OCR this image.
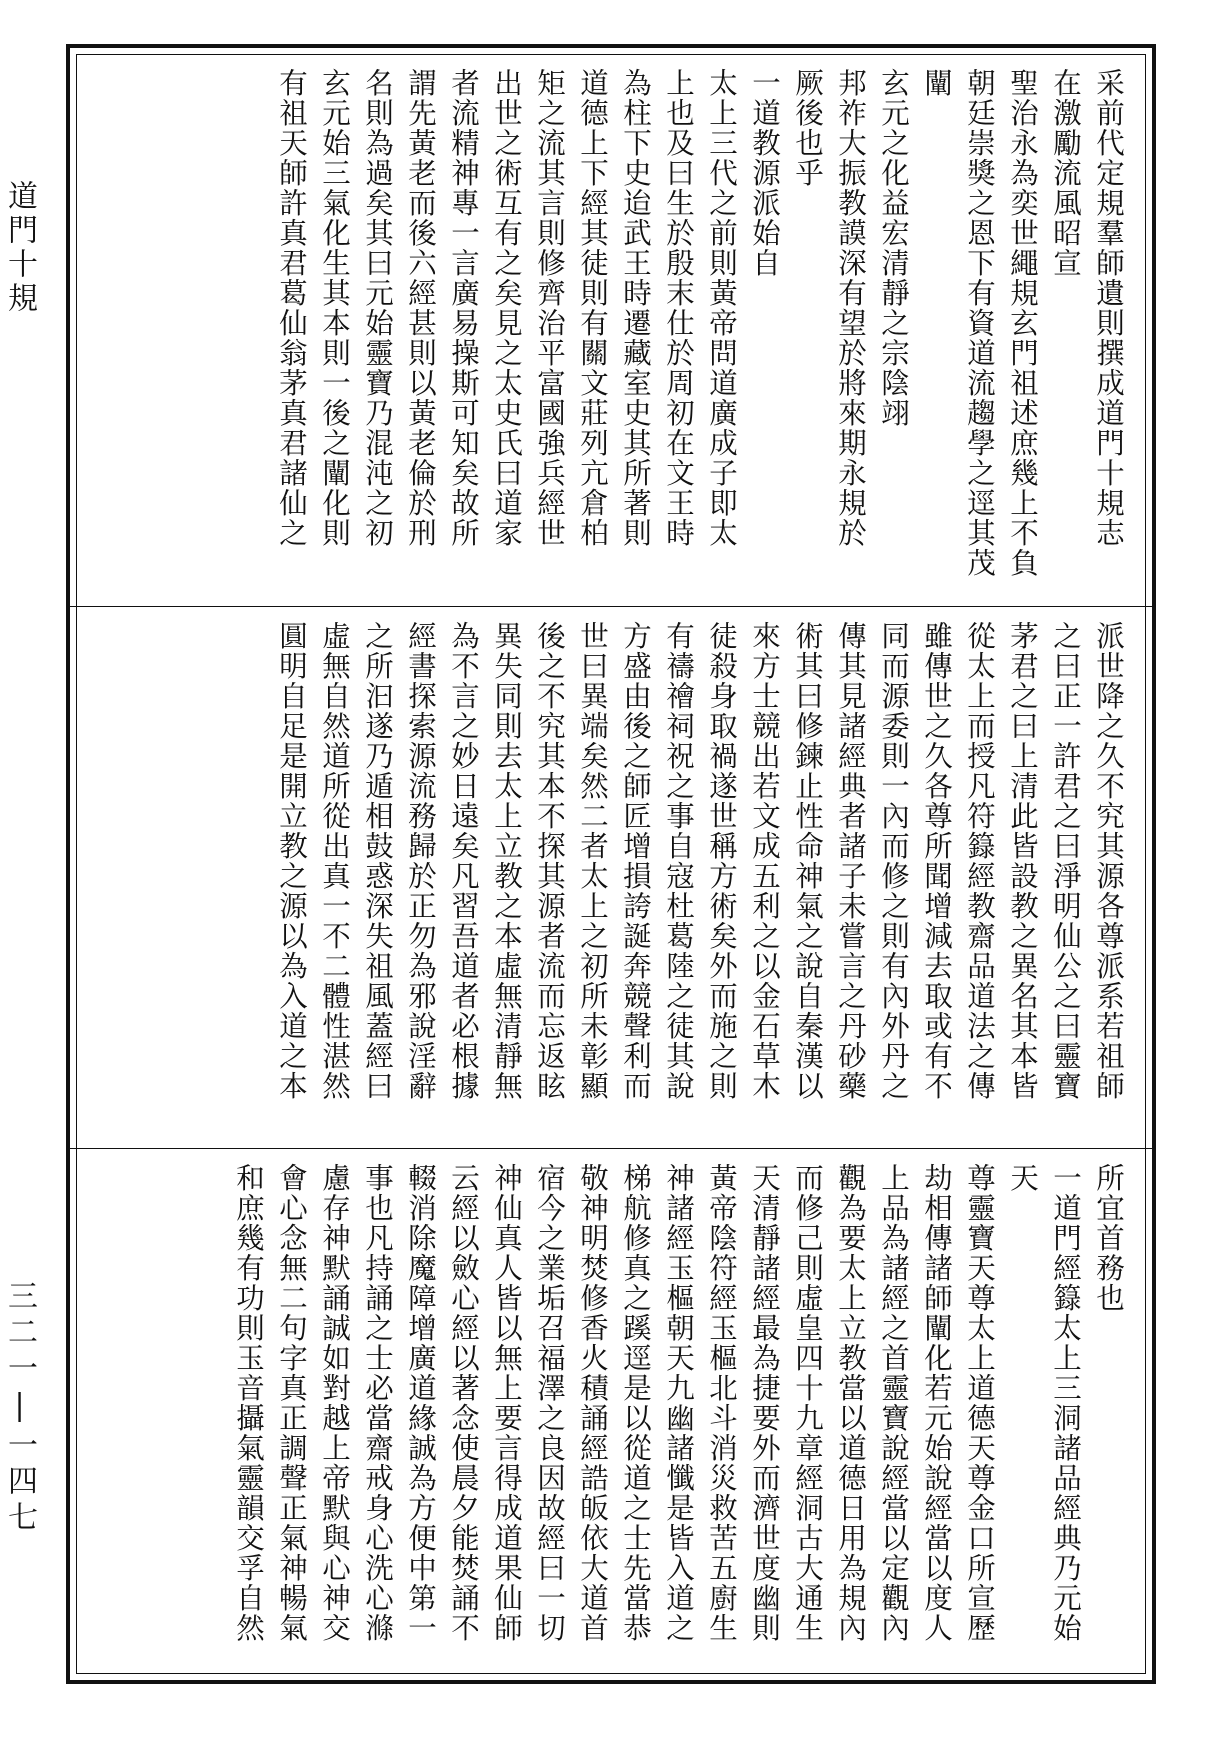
道門十規
三二一|一四七
采前代定規羣師遺則撰成道門十規志
在激勵流風昭宣
聖治永為奕世繩規玄門祖述庶幾上不負
朝廷崇獎之恩下有資道流趨學之逕其茂
闡
玄元之化益宏清靜之宗陰翊
邦祚大振教謨深有望於將來期永規於
厥後也乎
一道教源派始自
太上三代之前則黃帝問道廣成子即太
上也及曰生於殷末仕於周初在文王時
為柱下史迨武王時遷藏室史其所著則
道德上下經其徒則有關文莊列亢倉柏
矩之流其言則修齊治平富國強兵經世
出世之術互有之矣見之太史氏曰道家
者流精神專一言廣易操斯可知矣故所
謂先黃老而後六經甚則以黃老倫於刑
名則為過矣其曰元始靈寶乃混沌之初
玄元始三氣化生其本則一後之闡化則
有祖天師許真君葛仙翁茅真君諸仙之
派世降之久不究其源各尊派系若祖師
之曰正一許君之曰淨明仙公之曰靈寶
茅君之曰上清此皆設教之異名其本皆
從太上而授凡符籙經教齋品道法之傳
雖傳世之久各尊所聞增減去取或有不
同而源委則一內而修之則有內外丹之
傳其見諸經典者諸子未嘗言之丹砂藥
術其曰修鍊止性命神氣之說自秦漢以
來方士競出若文成五利之以金石草木
徒殺身取禍遂世稱方術矣外而施之則
有禱禬祠祝之事自寇杜葛陸之徒其說
方盛由後之師匠增損誇誕奔競聲利而
世曰異端矣然二者太上之初所未彰顯
後之不究其本不探其源者流而忘返眩
異失同則去太上立教之本虛無清靜無
為不言之妙日遠矣凡習吾道者必根據
經書探索源流務歸於正勿為邪說淫辭
之所汩遂乃遁相鼓惑深失祖風蓋經曰
虛無自然道所從出真一不二體性湛然
圓明自足是開立教之源以為入道之本
所宜首務也
一道門經籙太上三洞諸品經典乃元始天
尊靈寶天尊太上道德天尊金口所宣歷
劫相傳諸師闡化若元始說經當以度人
上品為諸經之首靈寶說經當以定觀內
觀為要太上立教當以道德日用為規內
而修己則虛皇四十九章經洞古大通生
天清靜諸經最為捷要外而濟世度幽則
黃帝陰符經玉樞北斗消災救苦五廚生
神諸經玉樞朝天九幽諸懺是皆入道之
梯航修真之蹊逕是以從道之士先當恭
敬神明焚修香火積誦經誥皈依大道首
宿今之業垢召福澤之良因故經曰一切
神仙真人皆以無上要言得成道果仙師
云經以斂心經以著念使晨夕能焚誦不
輟消除魔障增廣道緣誠為方便中第一
事也凡持誦之士必當齋戒身心洗心滌
慮存神默誦誠如對越上帝默與心神交
會心念無二句字真正調聲正氣神暢氣
和庶幾有功則玉音攝氣靈韻交孚自然
